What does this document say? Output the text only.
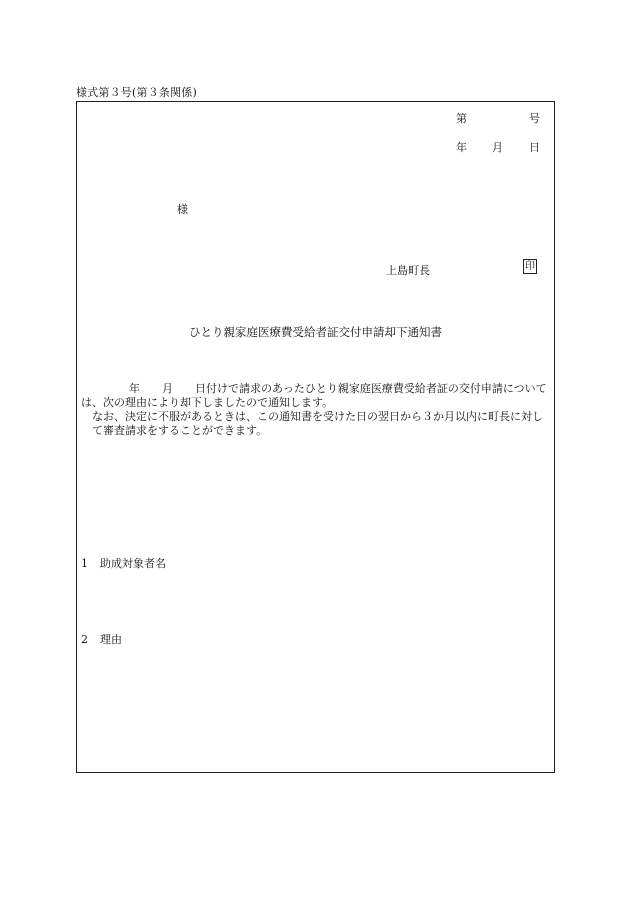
様式第３号(第３条関係)
第	号
年 月 日
様
上島町長	印
ひとり親家庭医療費受給者証交付申請却下通知書

年 月 日付けで請求のあったひとり親家庭医療費受給者証の交付申請については、次の理由により却下しましたので通知します。

なお、決定に不服があるときは、この通知書を受けた日の翌日から３か月以内に町長に対して審査請求をすることができます。

1 助成対象者名
2 理由
